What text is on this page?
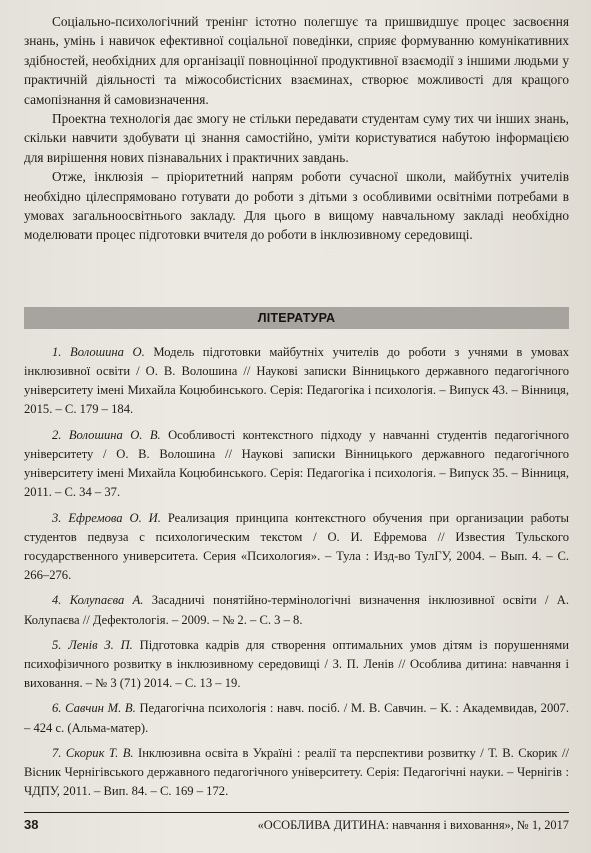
Соціально-психологічний тренінг істотно полегшує та пришвидшує процес засвоєння знань, умінь і навичок ефективної соціальної поведінки, сприяє формуванню комунікативних здібностей, необхідних для організації повноцінної продуктивної взаємодії з іншими людьми у практичній діяльності та міжособистісних взаєминах, створює можливості для кращого самопізнання й самовизначення.

Проектна технологія дає змогу не стільки передавати студентам суму тих чи інших знань, скільки навчити здобувати ці знання самостійно, уміти користуватися набутою інформацією для вирішення нових пізнавальних і практичних завдань.

Отже, інклюзія – пріоритетний напрям роботи сучасної школи, майбутніх учителів необхідно цілеспрямовано готувати до роботи з дітьми з особливими освітніми потребами в умовах загальноосвітнього закладу. Для цього в вищому навчальному закладі необхідно моделювати процес підготовки вчителя до роботи в інклюзивному середовищі.

ЛІТЕРАТУРА
1. Волошина О. Модель підготовки майбутніх учителів до роботи з учнями в умовах інклюзивної освіти / О. В. Волошина // Наукові записки Вінницького державного педагогічного університету імені Михайла Коцюбинського. Серія: Педагогіка і психологія. – Випуск 43. – Вінниця, 2015. – С. 179 – 184.
2. Волошина О. В. Особливості контекстного підходу у навчанні студентів педагогічного університету / О. В. Волошина // Наукові записки Вінницького державного педагогічного університету імені Михайла Коцюбинського. Серія: Педагогіка і психологія. – Випуск 35. – Вінниця, 2011. – С. 34 – 37.
3. Ефремова О. И. Реализация принципа контекстного обучения при организации работы студентов педвуза с психологическим текстом / О. И. Ефремова // Известия Тульского государственного университета. Серия «Психология». – Тула : Изд-во ТулГУ, 2004. – Вып. 4. – С. 266–276.
4. Колупаєва А. Засадничі понятійно-термінологічні визначення інклюзивної освіти / А. Колупаєва // Дефектологія. – 2009. – № 2. – С. 3 – 8.
5. Ленів З. П. Підготовка кадрів для створення оптимальних умов дітям із порушеннями психофізичного розвитку в інклюзивному середовищі / З. П. Ленів // Особлива дитина: навчання і виховання. – № 3 (71) 2014. – С. 13 – 19.
6. Савчин М. В. Педагогічна психологія : навч. посіб. / М. В. Савчин. – К. : Академвидав, 2007. – 424 с. (Альма-матер).
7. Скорик Т. В. Інклюзивна освіта в Україні : реалії та перспективи розвитку / Т. В. Скорик // Вісник Чернігівського державного педагогічного університету. Серія: Педагогічні науки. – Чернігів : ЧДПУ, 2011. – Вип. 84. – С. 169 – 172.
38	«ОСОБЛИВА ДИТИНА: навчання і виховання», № 1, 2017
